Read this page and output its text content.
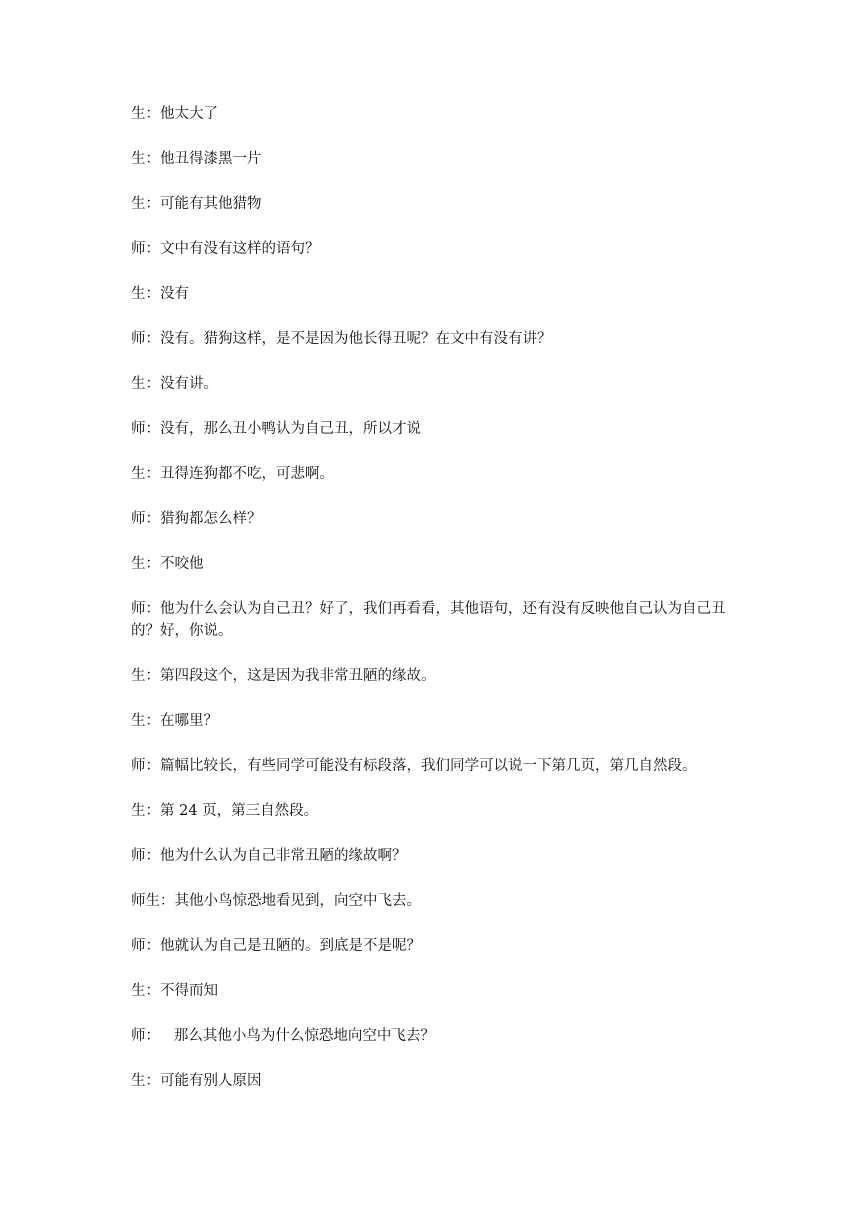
生：他太大了

生：他丑得漆黑一片

生：可能有其他猎物

师：文中有没有这样的语句？

生：没有

师：没有。猎狗这样，是不是因为他长得丑呢？在文中有没有讲？

生：没有讲。

师：没有，那么丑小鸭认为自己丑，所以才说

生：丑得连狗都不吃，可悲啊。

师：猎狗都怎么样？

生：不咬他

师：他为什么会认为自己丑？好了，我们再看看，其他语句，还有没有反映他自己认为自己丑的？好，你说。

生：第四段这个，这是因为我非常丑陋的缘故。

生：在哪里？

师：篇幅比较长，有些同学可能没有标段落，我们同学可以说一下第几页，第几自然段。

生：第 24 页，第三自然段。

师：他为什么认为自己非常丑陋的缘故啊？

师生：其他小鸟惊恐地看见到，向空中飞去。

师：他就认为自己是丑陋的。到底是不是呢？

生：不得而知

师：   那么其他小鸟为什么惊恐地向空中飞去？

生：可能有别人原因
